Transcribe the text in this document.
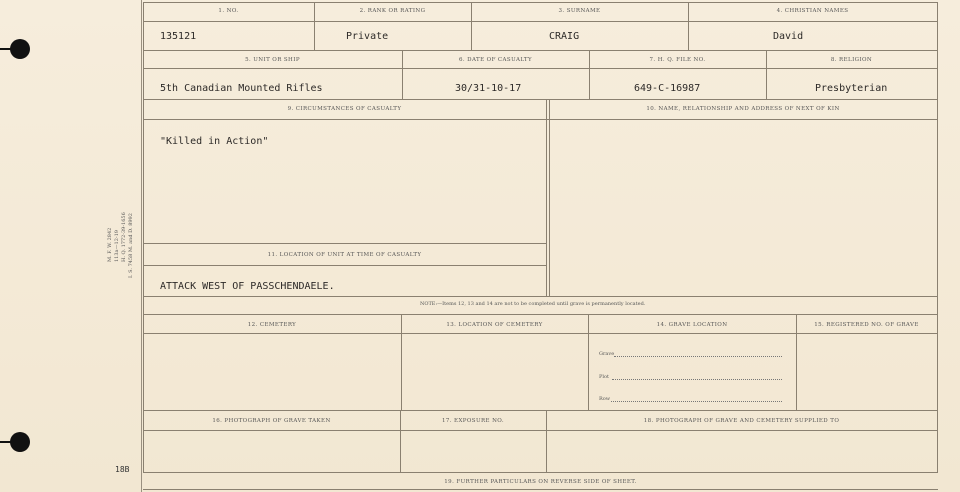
M. F. W. 2842 113a—12-19 H. Q. 1772-39-1656 I. S. 7458 M. and D. 8992
18B
1. NO.	2. RANK OR RATING	3. SURNAME	4. CHRISTIAN NAMES
135121	Private	CRAIG	David
5. UNIT OR SHIP	6. DATE OF CASUALTY	7. H. Q. FILE NO.	8. RELIGION
5th Canadian Mounted Rifles	30/31-10-17	649-C-16987	Presbyterian
9. CIRCUMSTANCES OF CASUALTY	10. NAME, RELATIONSHIP AND ADDRESS OF NEXT OF KIN
"Killed in Action"
11. LOCATION OF UNIT AT TIME OF CASUALTY
ATTACK WEST OF PASSCHENDAELE.
NOTE:—Items 12, 13 and 14 are not to be completed until grave is permanently located.
12. CEMETERY	13. LOCATION OF CEMETERY	14. GRAVE LOCATION	15. REGISTERED NO. OF GRAVE
Grave
Plot
Row
16. PHOTOGRAPH OF GRAVE TAKEN	17. EXPOSURE NO.	18. PHOTOGRAPH OF GRAVE AND CEMETERY SUPPLIED TO
19. FURTHER PARTICULARS ON REVERSE SIDE OF SHEET.
